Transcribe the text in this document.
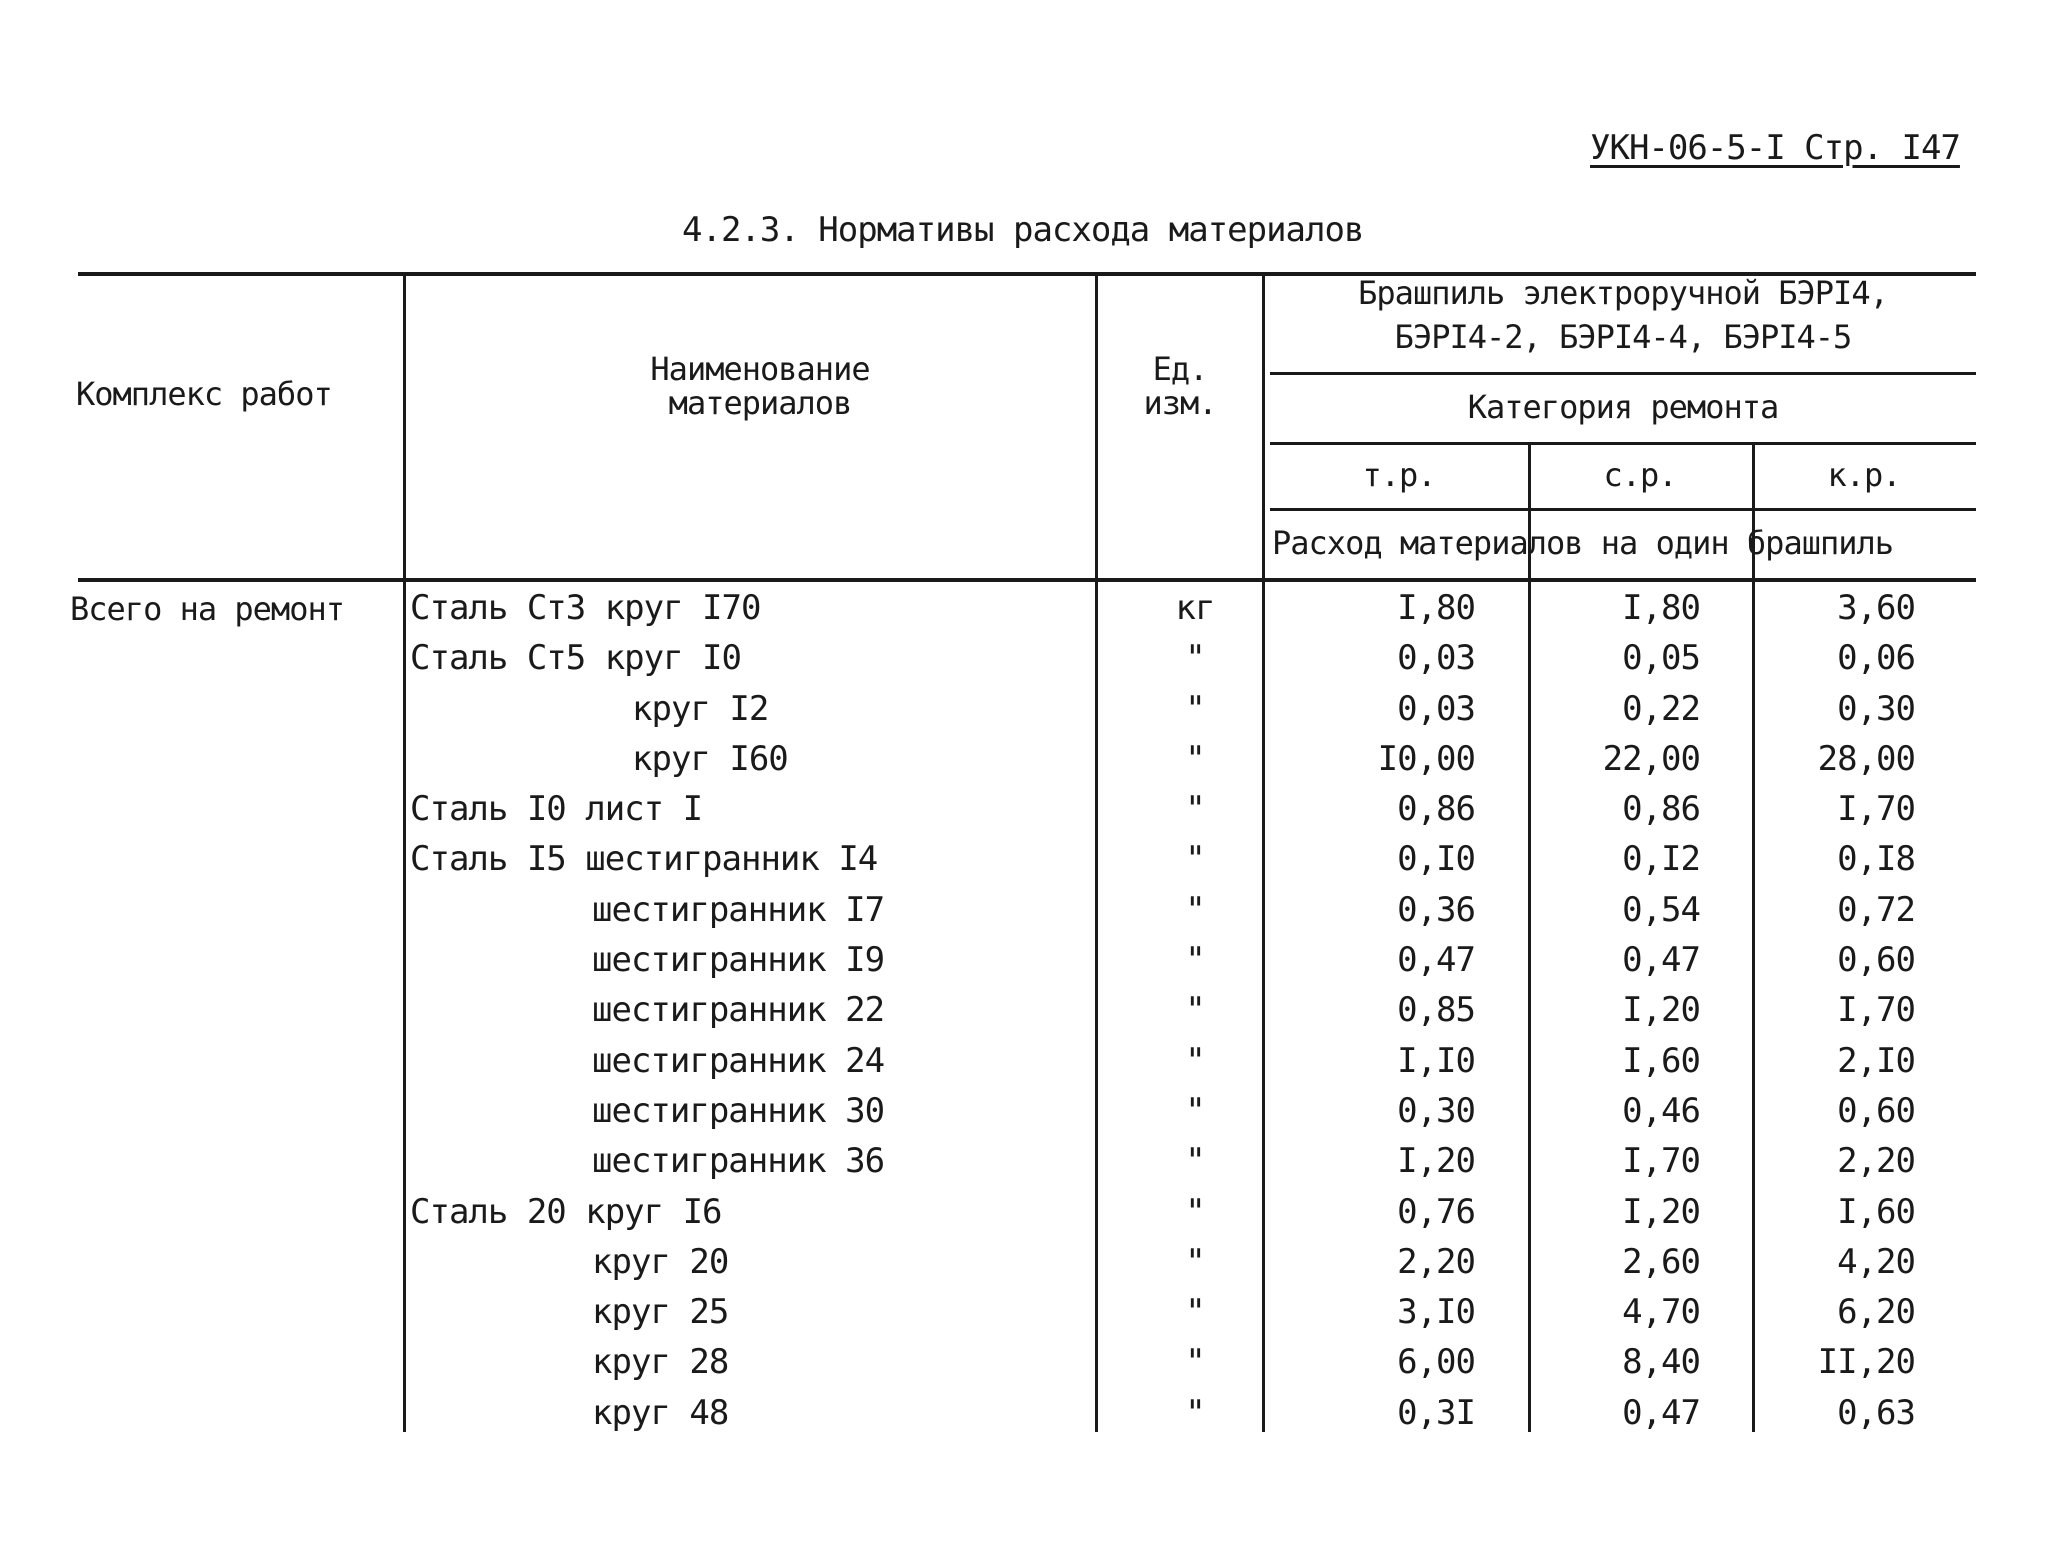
УКН-06-5-I Стр. I47
4.2.3. Нормативы расхода материалов
Комплекс работ
Наименование
материалов
Ед.
изм.
Брашпиль электроручной БЭРI4,
БЭРI4-2, БЭРI4-4, БЭРI4-5
Категория ремонта
т.р.	с.р.	к.р.
Расход материалов на один брашпиль
Всего на ремонт	Сталь Ст3 круг I70	кг	I,80	I,80	3,60
Сталь Ст5 круг I0	"	0,03	0,05	0,06
круг I2	"	0,03	0,22	0,30
круг I60	"	I0,00	22,00	28,00
Сталь I0 лист I	"	0,86	0,86	I,70
Сталь I5 шестигранник I4	"	0,I0	0,I2	0,I8
шестигранник I7	"	0,36	0,54	0,72
шестигранник I9	"	0,47	0,47	0,60
шестигранник 22	"	0,85	I,20	I,70
шестигранник 24	"	I,I0	I,60	2,I0
шестигранник 30	"	0,30	0,46	0,60
шестигранник 36	"	I,20	I,70	2,20
Сталь 20 круг I6	"	0,76	I,20	I,60
круг 20	"	2,20	2,60	4,20
круг 25	"	3,I0	4,70	6,20
круг 28	"	6,00	8,40	II,20
круг 48	"	0,3I	0,47	0,63
